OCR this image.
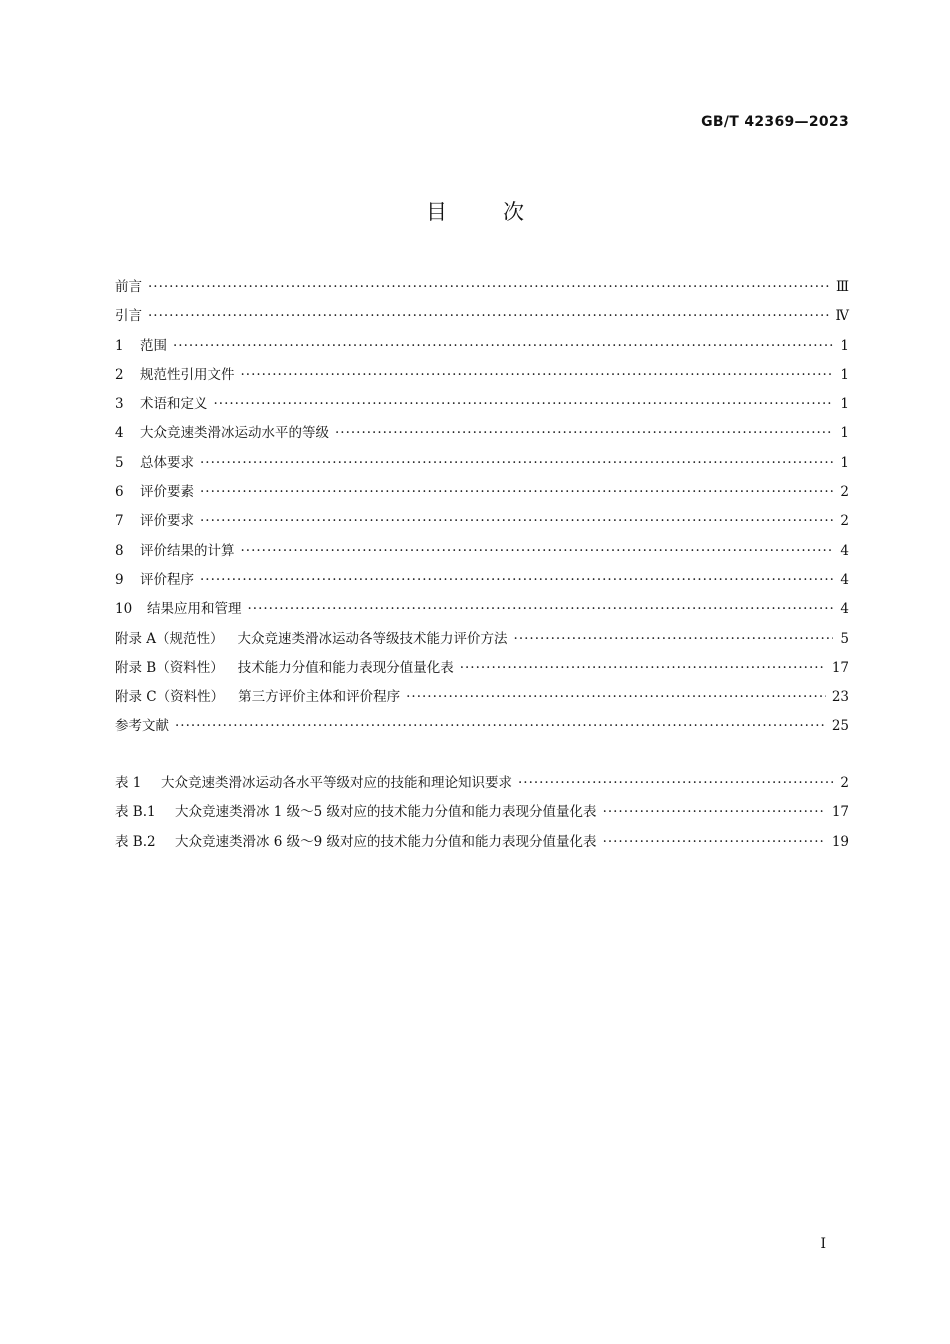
GB/T 42369—2023
目次
前言 ·····	Ⅲ
引言 ·····	Ⅳ
1	范围 ·····	1
2	规范性引用文件 ·····	1
3	术语和定义 ·····	1
4	大众竞速类滑冰运动水平的等级 ·····	1
5	总体要求 ·····	1
6	评价要素 ·····	2
7	评价要求 ·····	2
8	评价结果的计算 ·····	4
9	评价程序 ·····	4
10	结果应用和管理 ·····	4
附录 A（规范性） 大众竞速类滑冰运动各等级技术能力评价方法 ·····	5
附录 B（资料性） 技术能力分值和能力表现分值量化表 ·····	17
附录 C（资料性） 第三方评价主体和评价程序 ·····	23
参考文献 ·····	25
表 1	大众竞速类滑冰运动各水平等级对应的技能和理论知识要求 ·····	2
表 B.1	大众竞速类滑冰 1 级～5 级对应的技术能力分值和能力表现分值量化表 ·····	17
表 B.2	大众竞速类滑冰 6 级～9 级对应的技术能力分值和能力表现分值量化表 ·····	19
Ⅰ
